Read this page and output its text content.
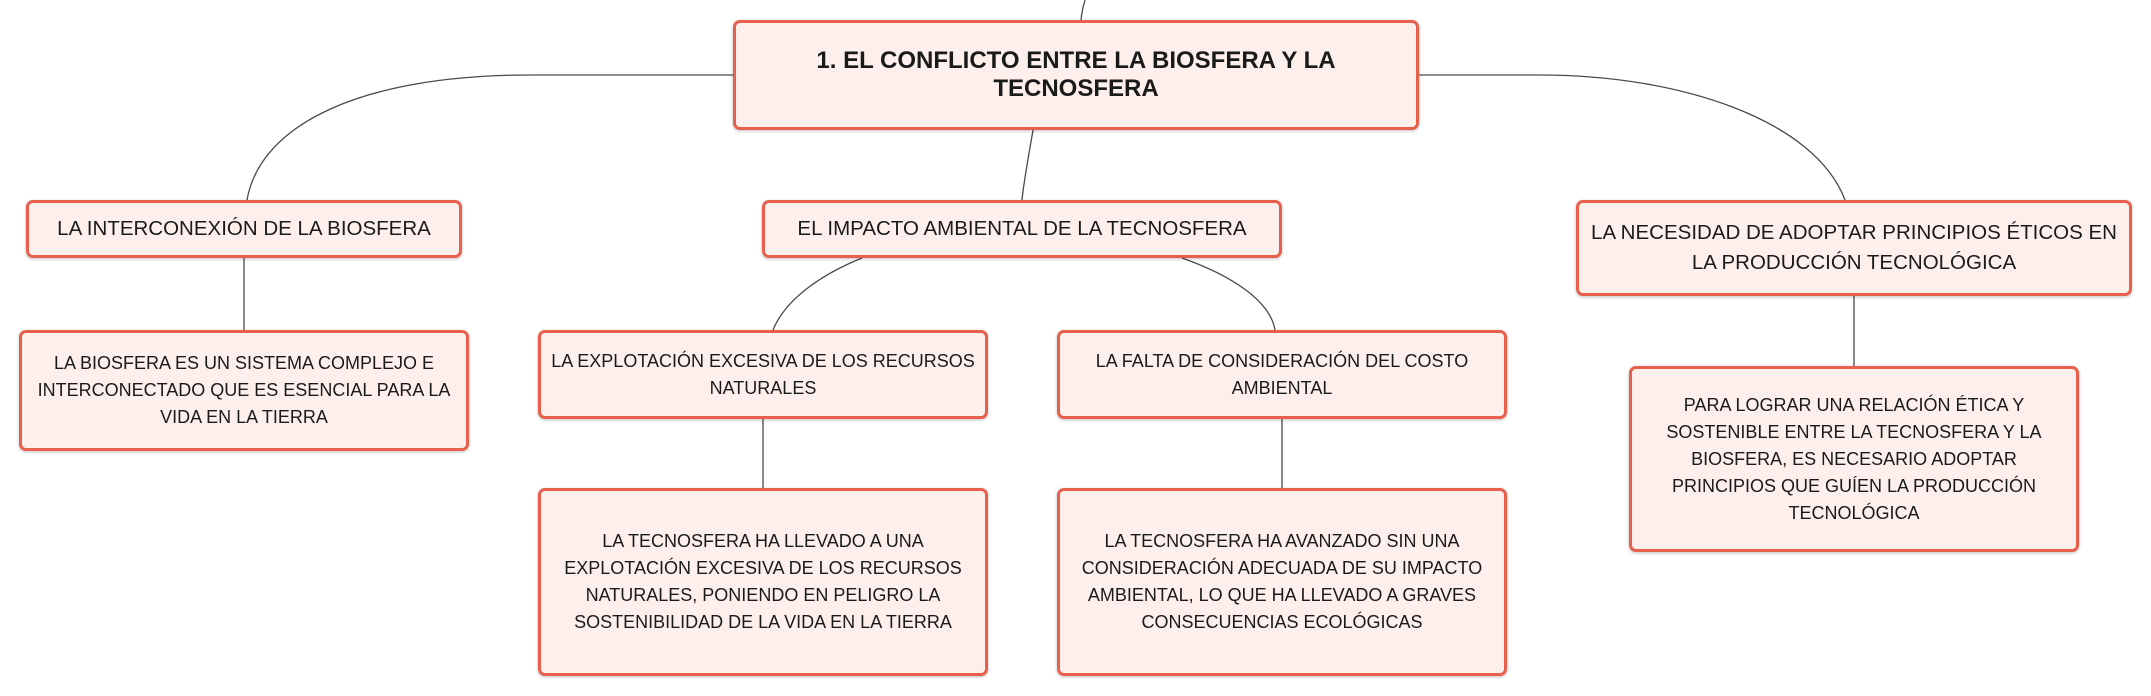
1. EL CONFLICTO ENTRE LA BIOSFERA Y LA TECNOSFERA
LA INTERCONEXIÓN DE LA BIOSFERA	EL IMPACTO AMBIENTAL DE LA TECNOSFERA	LA NECESIDAD DE ADOPTAR PRINCIPIOS ÉTICOS EN LA PRODUCCIÓN TECNOLÓGICA
LA BIOSFERA ES UN SISTEMA COMPLEJO E INTERCONECTADO QUE ES ESENCIAL PARA LA VIDA EN LA TIERRA
LA EXPLOTACIÓN EXCESIVA DE LOS RECURSOS NATURALES
LA FALTA DE CONSIDERACIÓN DEL COSTO AMBIENTAL
LA TECNOSFERA HA LLEVADO A UNA EXPLOTACIÓN EXCESIVA DE LOS RECURSOS NATURALES, PONIENDO EN PELIGRO LA SOSTENIBILIDAD DE LA VIDA EN LA TIERRA
LA TECNOSFERA HA AVANZADO SIN UNA CONSIDERACIÓN ADECUADA DE SU IMPACTO AMBIENTAL, LO QUE HA LLEVADO A GRAVES CONSECUENCIAS ECOLÓGICAS
PARA LOGRAR UNA RELACIÓN ÉTICA Y SOSTENIBLE ENTRE LA TECNOSFERA Y LA BIOSFERA, ES NECESARIO ADOPTAR PRINCIPIOS QUE GUÍEN LA PRODUCCIÓN TECNOLÓGICA
